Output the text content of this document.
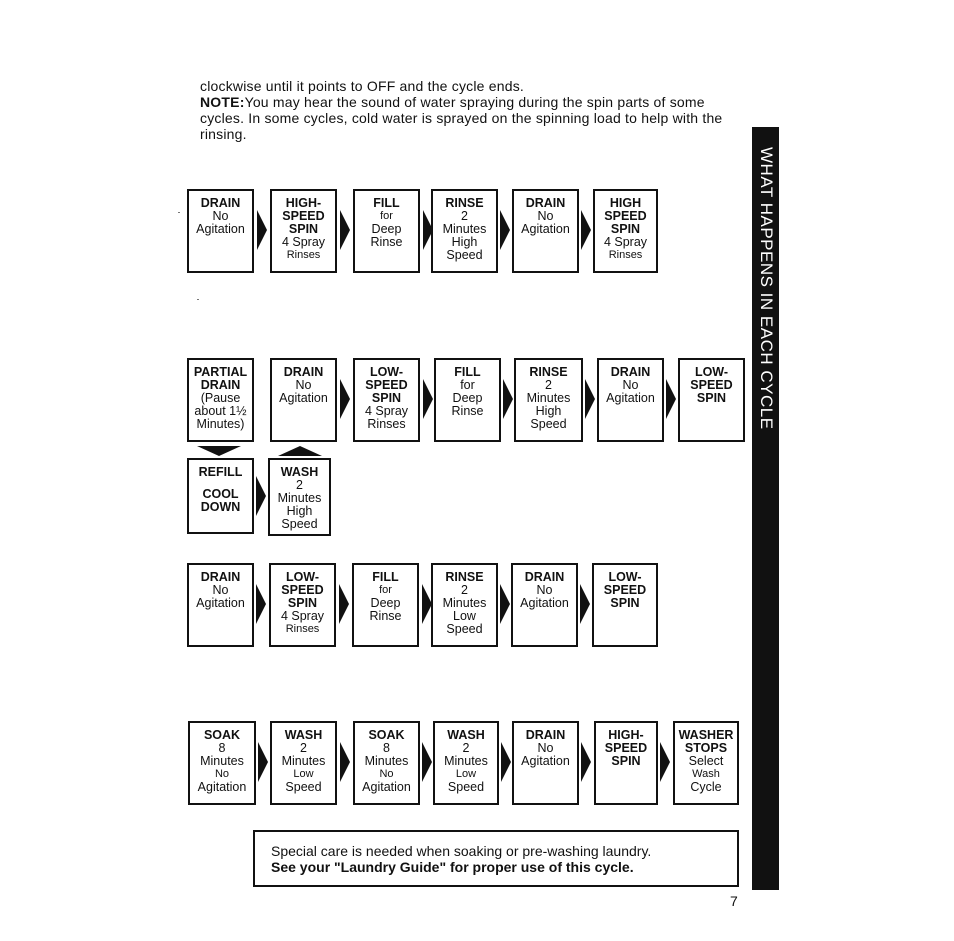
clockwise until it points to OFF and the cycle ends.
NOTE:You may hear the sound of water spraying during the spin parts of some cycles. In some cycles, cold water is sprayed on the spinning load to help with the rinsing.
DRAIN
No
Agitation
HIGH-
SPEED
SPIN
4 Spray
Rinses
FILL
for
Deep
Rinse
RINSE
2
Minutes
High
Speed
DRAIN
No
Agitation
HIGH
SPEED
SPIN
4 Spray
Rinses
PARTIAL
DRAIN
(Pause
about 1½
Minutes)
DRAIN
No
Agitation
LOW-
SPEED
SPIN
4 Spray
Rinses
FILL
for
Deep
Rinse
RINSE
2
Minutes
High
Speed
DRAIN
No
Agitation
LOW-
SPEED
SPIN
REFILL
COOL
DOWN
WASH
2
Minutes
High
Speed
DRAIN
No
Agitation
LOW-
SPEED
SPIN
4 Spray
Rinses
FILL
for
Deep
Rinse
RINSE
2
Minutes
Low
Speed
DRAIN
No
Agitation
LOW-
SPEED
SPIN
SOAK
8
Minutes
No
Agitation
WASH
2
Minutes
Low
Speed
SOAK
8
Minutes
No
Agitation
WASH
2
Minutes
Low
Speed
DRAIN
No
Agitation
HIGH-
SPEED
SPIN
WASHER
STOPS
Select
Wash
Cycle
Special care is needed when soaking or pre-washing laundry.
See your "Laundry Guide" for proper use of this cycle.
WHAT HAPPENS IN EACH CYCLE
7
